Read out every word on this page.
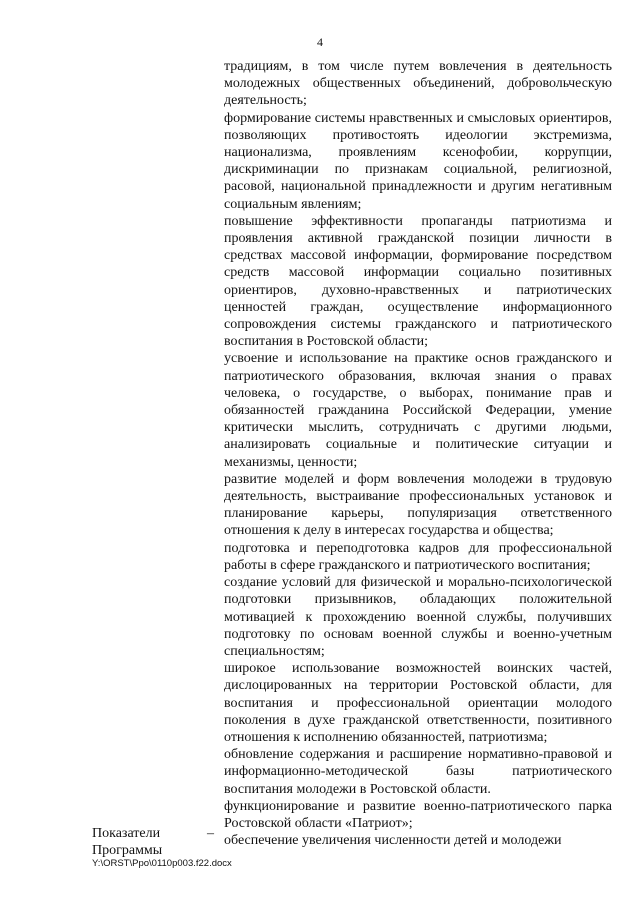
4

традициям, в том числе путем вовлечения в деятельность молодежных общественных объединений, добровольческую деятельность;

формирование системы нравственных и смысловых ориентиров, позволяющих противостоять идеологии экстремизма, национализма, проявлениям ксенофобии, коррупции, дискриминации по признакам социальной, религиозной, расовой, национальной принадлежности и другим негативным социальным явлениям;

повышение эффективности пропаганды патриотизма и проявления активной гражданской позиции личности в средствах массовой информации, формирование посредством средств массовой информации социально позитивных ориентиров, духовно-нравственных и патриотических ценностей граждан, осуществление информационного сопровождения системы гражданского и патриотического воспитания в Ростовской области;

усвоение и использование на практике основ гражданского и патриотического образования, включая знания о правах человека, о государстве, о выборах, понимание прав и обязанностей гражданина Российской Федерации, умение критически мыслить, сотрудничать с другими людьми, анализировать социальные и политические ситуации и механизмы, ценности;

развитие моделей и форм вовлечения молодежи в трудовую деятельность, выстраивание профессиональных установок и планирование карьеры, популяризация ответственного отношения к делу в интересах государства и общества;

подготовка и переподготовка кадров для профессиональной работы в сфере гражданского и патриотического воспитания;

создание условий для физической и морально-психологической подготовки призывников, обладающих положительной мотивацией к прохождению военной службы, получивших подготовку по основам военной службы и военно-учетным специальностям;

широкое использование возможностей воинских частей, дислоцированных на территории Ростовской области, для воспитания и профессиональной ориентации молодого поколения в духе гражданской ответственности, позитивного отношения к исполнению обязанностей, патриотизма;

обновление содержания и расширение нормативно-правовой и информационно-методической базы патриотического воспитания молодежи в Ростовской области.

функционирование и развитие военно-патриотического парка Ростовской области «Патриот»;

обеспечение увеличения численности детей и молодежи

Показатели Программы
–
Y:\ORST\Ppo\0110p003.f22.docx
